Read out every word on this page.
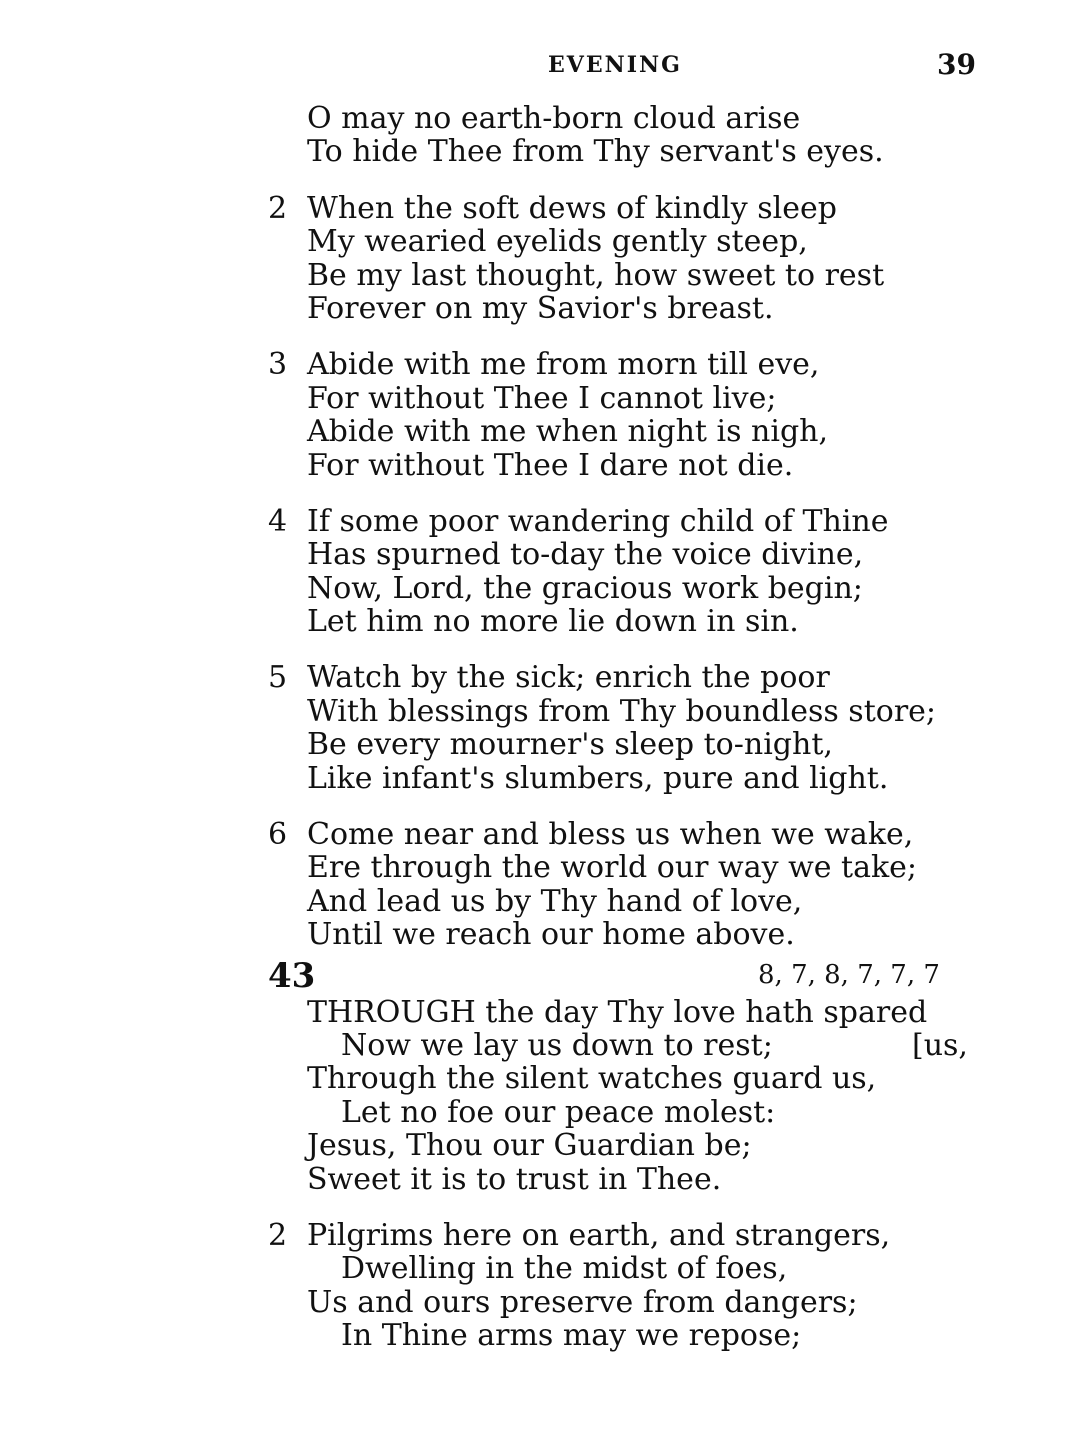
EVENING	39
O may no earth-born cloud arise
To hide Thee from Thy servant's eyes.
2 When the soft dews of kindly sleep
My wearied eyelids gently steep,
Be my last thought, how sweet to rest
Forever on my Savior's breast.
3 Abide with me from morn till eve,
For without Thee I cannot live;
Abide with me when night is nigh,
For without Thee I dare not die.
4 If some poor wandering child of Thine
Has spurned to-day the voice divine,
Now, Lord, the gracious work begin;
Let him no more lie down in sin.
5 Watch by the sick; enrich the poor
With blessings from Thy boundless store;
Be every mourner's sleep to-night,
Like infant's slumbers, pure and light.
6 Come near and bless us when we wake,
Ere through the world our way we take;
And lead us by Thy hand of love,
Until we reach our home above.
43	8, 7, 8, 7, 7, 7
THROUGH the day Thy love hath spared
Now we lay us down to rest;	[us,
Through the silent watches guard us,
Let no foe our peace molest:
Jesus, Thou our Guardian be;
Sweet it is to trust in Thee.
2 Pilgrims here on earth, and strangers,
Dwelling in the midst of foes,
Us and ours preserve from dangers;
In Thine arms may we repose;
